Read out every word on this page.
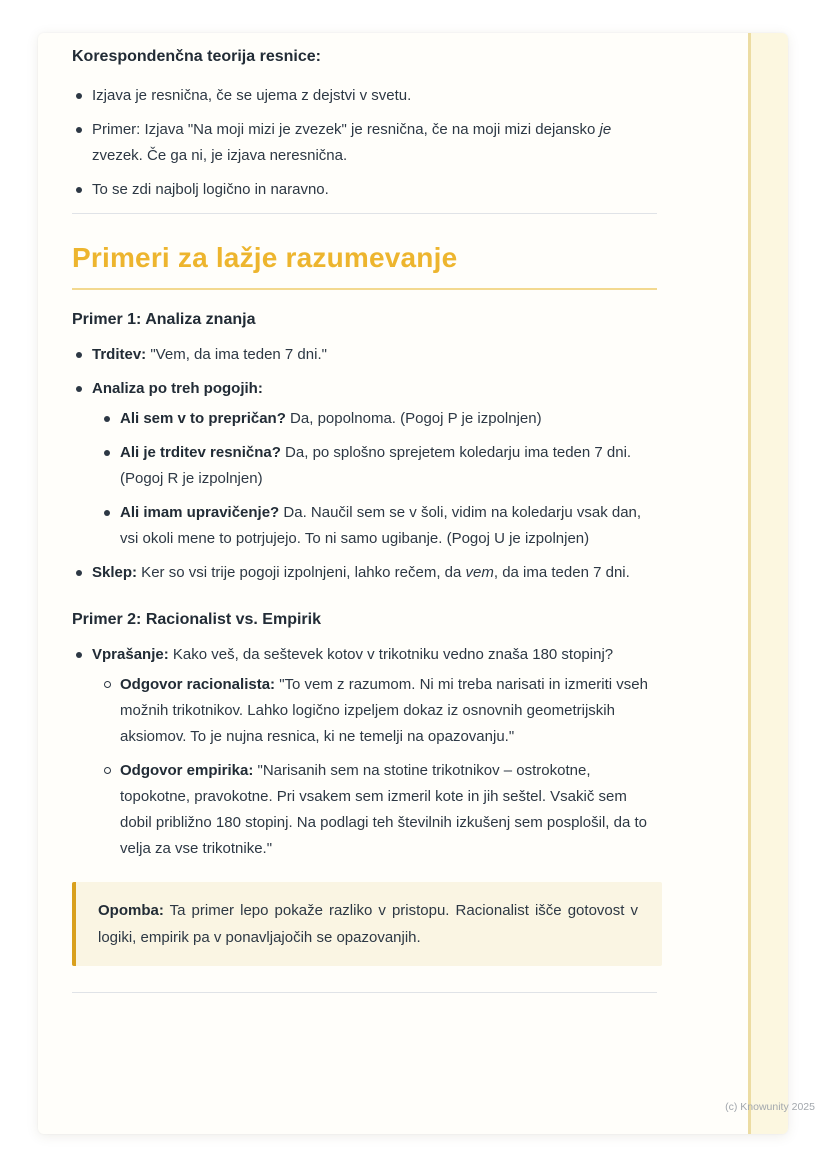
Korespondenčna teorija resnice:

Izjava je resnična, če se ujema z dejstvi v svetu.
Primer: Izjava "Na moji mizi je zvezek" je resnična, če na moji mizi dejansko je zvezek. Če ga ni, je izjava neresnična.
To se zdi najbolj logično in naravno.
Primeri za lažje razumevanje

Primer 1: Analiza znanja

Trditev: "Vem, da ima teden 7 dni."
Analiza po treh pogojih:
Ali sem v to prepričan? Da, popolnoma. (Pogoj P je izpolnjen)
Ali je trditev resnična? Da, po splošno sprejetem koledarju ima teden 7 dni. (Pogoj R je izpolnjen)
Ali imam upravičenje? Da. Naučil sem se v šoli, vidim na koledarju vsak dan, vsi okoli mene to potrjujejo. To ni samo ugibanje. (Pogoj U je izpolnjen)
Sklep: Ker so vsi trije pogoji izpolnjeni, lahko rečem, da vem, da ima teden 7 dni.

Primer 2: Racionalist vs. Empirik

Vprašanje: Kako veš, da seštevek kotov v trikotniku vedno znaša 180 stopinj?
Odgovor racionalista: "To vem z razumom. Ni mi treba narisati in izmeriti vseh možnih trikotnikov. Lahko logično izpeljem dokaz iz osnovnih geometrijskih aksiomov. To je nujna resnica, ki ne temelji na opazovanju."
Odgovor empirika: "Narisanih sem na stotine trikotnikov – ostrokotne, topokotne, pravokotne. Pri vsakem sem izmeril kote in jih seštel. Vsakič sem dobil približno 180 stopinj. Na podlagi teh številnih izkušenj sem posplošil, da to velja za vse trikotnike."
Opomba: Ta primer lepo pokaže razliko v pristopu. Racionalist išče gotovost v logiki, empirik pa v ponavljajočih se opazovanjih.
(c) Knowunity 2025
